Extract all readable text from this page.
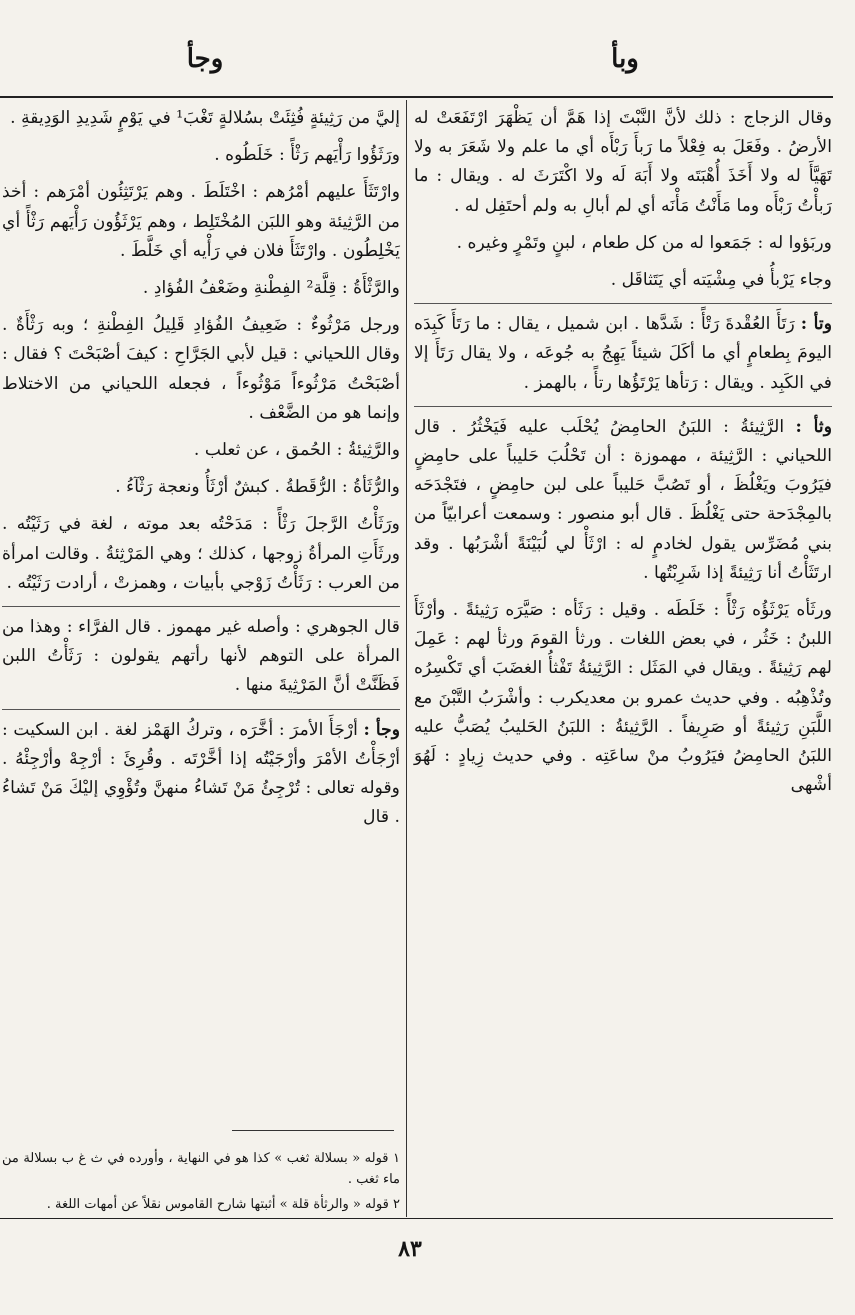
وبأ
وجأ

وقال الزجاج : ذلك لأنَّ النَّبْتَ إذا هَمَّ أن يَظْهَرَ ارْتَفَعَتْ له الأرضُ . وفَعَلَ به فِعْلاً ما رَبأَ رَبْأَه أي ما علم ولا شَعَرَ به ولا تَهَيَّأَ له ولا أَخَذَ أُهْبَتَه ولا أَبَهَ لَه ولا اكْتَرَثَ له . ويقال : ما رَبأْتُ رَبْأَه وما مَأَنْتُ مَأْنَه أي لم أبالِ به ولم أحتَفِل له .

وربَؤوا له : جَمَعوا له من كل طعام ، لبنٍ وتَمْرٍ وغيره .

وجاء يَرْبأُ في مِشْيَته أي يَتَثاقَل .

وتأ : رَتَأَ العُقْدةَ رَتْأً : شَدَّها . ابن شميل ، يقال : ما رَتَأَ كَبِدَه اليومَ بِطعامٍ أي ما أكَلَ شيئاً يَهِجُ به جُوعَه ، ولا يقال رَتَأَ إلا في الكَبِد . ويقال : رَتأها يَرْتَؤُها رتأً ، بالهمز .

وثأ : الرَّثِيئةُ : اللبَنُ الحامِضُ يُحْلَب عليه فَيَخْثُرُ . قال اللحياني : الرَّثِيئة ، مهموزة : أن تَحْلُبَ حَليباً على حامِضٍ فيَرُوبَ ويَغْلُظَ ، أو تَصُبَّ حَليباً على لبن حامِضٍ ، فتَجْدَحَه بالمِجْدَحة حتى يَغْلُظَ . قال أبو منصور : وسمعت أعرابيّاً من بني مُضَرِّس يقول لخادمٍ له : ارْثَأْ لي لُبَيْنَةً أشْرَبُها . وقد ارتَثَأْتُ أنا رَثِيئةً إذا شَرِبْتُها .

ورثَأه يَرْثَؤُه رَثْأً : خَلَطَه . وقيل : رَثَأه : صَيَّرَه رَثِيئةً . وأرْثَأَ اللبنُ : خَثُر ، في بعض اللغات . ورثأ القومَ ورثأ لهم : عَمِلَ لهم رَثِيئةً . ويقال في المَثَل : الرَّثِيئةُ تَفْثأُ الغضَبَ أي تَكْسِرُه وتُذْهِبُه . وفي حديث عمرو بن معديكرب : وأشْرَبُ التَّبْنَ مع اللَّبَنِ رَثِيئةً أو صَرِيفاً . الرَّثِيئةُ : اللبَنُ الحَليبُ يُصَبُّ عليه اللبَنُ الحامِضُ فيَرُوبُ منْ ساعَتِه . وفي حديث زِيادٍ : لَهُوَ أشْهى

إليَّ من رَثِيئةٍ فُثِئَتْ بسُلالةٍ تَغْبَ¹ في يَوْمٍ شَدِيدِ الوَدِيقةِ .

ورَثَؤُوا رَأْيَهم رَثْأً : خَلَطُوه .

وارْتَثَأَ عليهم أمْرُهم : اخْتَلَطَ . وهم يَرْتَثِئُون أمْرَهم : أخذ من الرَّثِيئة وهو اللبَن المُخْتَلِط ، وهم يَرْثَؤُون رَأْيَهم رَثْأً أي يَخْلِطُون . وارْتَثَأَ فلان في رَأْيه أي خَلَّطَ .

والرَّثْأَةُ : قِلَّة² الفِطْنةِ وضَعْفُ الفُؤادِ .

ورجل مَرْثُوءٌ : ضَعِيفُ الفُؤادِ قَلِيلُ الفِطْنةِ ؛ وبه رَثْأَةٌ . وقال اللحياني : قيل لأبي الجَرَّاحِ : كيفَ أصْبَحْتَ ؟ فقال : أصْبَحْتُ مَرْثُوءاً مَوْثُوءاً ، فجعله اللحياني من الاختلاط وإنما هو من الضَّعْف .

والرَّثِيئةُ : الحُمق ، عن ثعلب .

والرُّثَأةُ : الرُّقَطةُ . كبشٌ أرْثَأُ ونعجة رَثْآءُ .

ورَثَأْتُ الرَّجلَ رَثْأً : مَدَحْتُه بعد موته ، لغة في رَثَيْتُه . ورثَأَتِ المرأةُ زوجها ، كذلك ؛ وهي المَرْثِئةُ . وقالت امرأة من العرب : رَثَأْتُ زَوْجي بأبيات ، وهمزتْ ، أرادت رَثَيْتُه .

قال الجوهري : وأصله غير مهموز . قال الفرَّاء : وهذا من المرأة على التوهم لأنها رأتهم يقولون : رَثَأْتُ اللبن فَظَنَّتْ أنَّ المَرْثِيةَ منها .

وجأ : أرْجَأَ الأمرَ : أخَّرَه ، وتركُ الهَمْز لغة . ابن السكيت : أرْجَأْتُ الأمْرَ وأرْجَيْتُه إذا أخَّرْتَه . وقُرِئَ : أرْجِهْ وأرْجِئْهُ . وقوله تعالى : تُرْجِئُ مَنْ تَشاءُ منهنَّ وتُؤْوِي إليْكَ مَنْ تَشاءُ . قال

١ قوله « بسلالة ثغب » كذا هو في النهاية ، وأورده في ث غ ب بسلالة من ماء ثغب .

٢ قوله « والرثأة قلة » أثبتها شارح القاموس نقلاً عن أمهات اللغة .

٨٣
